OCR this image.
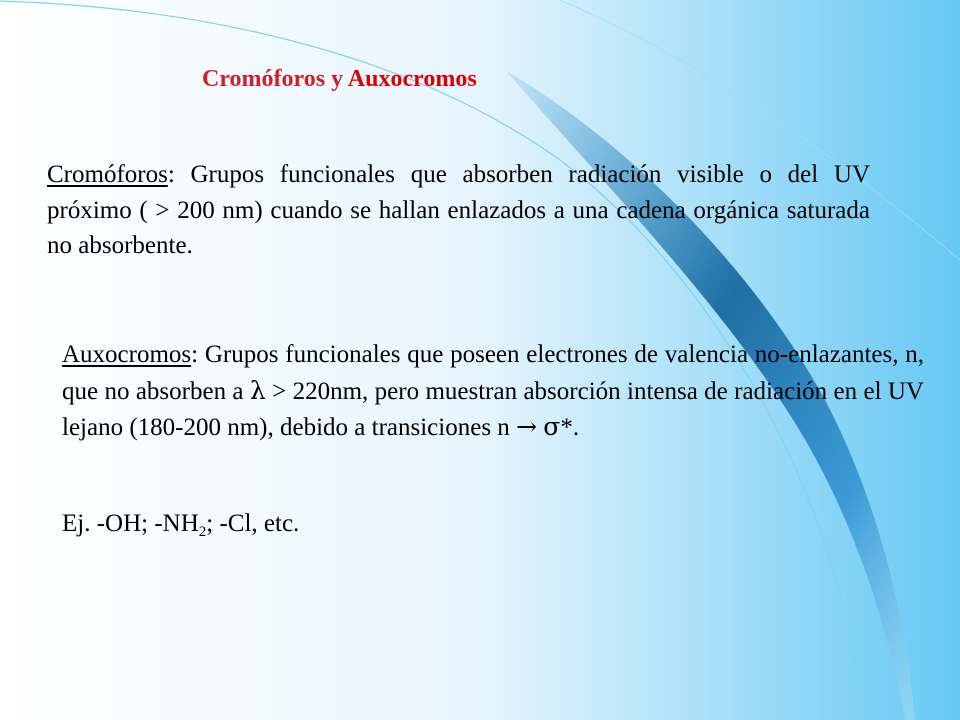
Cromóforos y Auxocromos

Cromóforos: Grupos funcionales que absorben radiación visible o del UV próximo ( > 200 nm) cuando se hallan enlazados a una cadena orgánica saturada no absorbente.

Auxocromos: Grupos funcionales que poseen electrones de valencia no-enlazantes, n, que no absorben a λ > 220nm, pero muestran absorción intensa de radiación en el UV lejano (180-200 nm), debido a transiciones n → σ*.

Ej. -OH; $-NH_2$; -Cl, etc.
